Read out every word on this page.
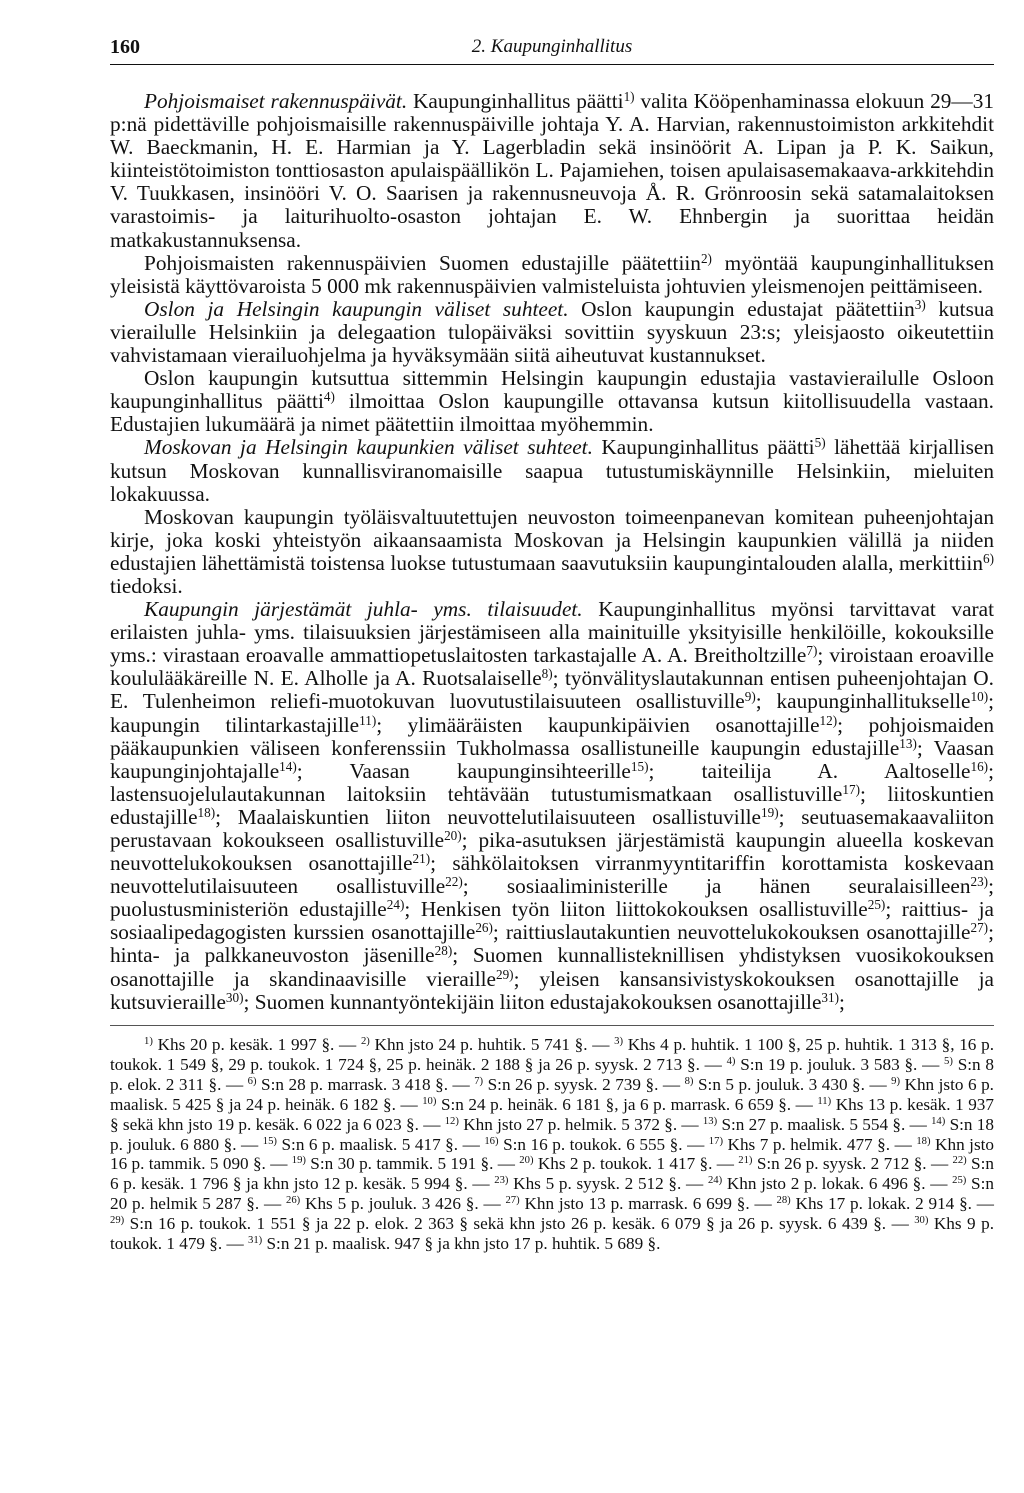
160	2. Kaupunginhallitus

Pohjoismaiset rakennuspäivät. Kaupunginhallitus päätti$^{1)}$ valita Kööpenhaminassa elokuun 29—31 p:nä pidettäville pohjoismaisille rakennuspäiville johtaja Y. A. Harvian, rakennustoimiston arkkitehdit W. Baeckmanin, H. E. Harmian ja Y. Lagerbladin sekä insinöörit A. Lipan ja P. K. Saikun, kiinteistötoimiston tonttiosaston apulaispäällikön L. Pajamiehen, toisen apulaisasemakaava-arkkitehdin V. Tuukkasen, insinööri V. O. Saarisen ja rakennusneuvoja Å. R. Grönroosin sekä satamalaitoksen varastoimis- ja laiturihuolto-osaston johtajan E. W. Ehnbergin ja suorittaa heidän matkakustannuksensa.

Pohjoismaisten rakennuspäivien Suomen edustajille päätettiin$^{2)}$ myöntää kaupunginhallituksen yleisistä käyttövaroista 5 000 mk rakennuspäivien valmisteluista johtuvien yleismenojen peittämiseen.

Oslon ja Helsingin kaupungin väliset suhteet. Oslon kaupungin edustajat päätettiin$^{3)}$ kutsua vierailulle Helsinkiin ja delegaation tulopäiväksi sovittiin syyskuun 23:s; yleisjaosto oikeutettiin vahvistamaan vierailuohjelma ja hyväksymään siitä aiheutuvat kustannukset.

Oslon kaupungin kutsuttua sittemmin Helsingin kaupungin edustajia vastavierailulle Osloon kaupunginhallitus päätti$^{4)}$ ilmoittaa Oslon kaupungille ottavansa kutsun kiitollisuudella vastaan. Edustajien lukumäärä ja nimet päätettiin ilmoittaa myöhemmin.

Moskovan ja Helsingin kaupunkien väliset suhteet. Kaupunginhallitus päätti$^{5)}$ lähettää kirjallisen kutsun Moskovan kunnallisviranomaisille saapua tutustumiskäynnille Helsinkiin, mieluiten lokakuussa.

Moskovan kaupungin työläisvaltuutettujen neuvoston toimeenpanevan komitean puheenjohtajan kirje, joka koski yhteistyön aikaansaamista Moskovan ja Helsingin kaupunkien välillä ja niiden edustajien lähettämistä toistensa luokse tutustumaan saavutuksiin kaupungintalouden alalla, merkittiin$^{6)}$ tiedoksi.

Kaupungin järjestämät juhla- yms. tilaisuudet. Kaupunginhallitus myönsi tarvittavat varat erilaisten juhla- yms. tilaisuuksien järjestämiseen alla mainituille yksityisille henkilöille, kokouksille yms.: virastaan eroavalle ammattiopetuslaitosten tarkastajalle A. A. Breitholtzille$^{7)}$; viroistaan eroaville koululääkäreille N. E. Alholle ja A. Ruotsalaiselle$^{8)}$; työnvälityslautakunnan entisen puheenjohtajan O. E. Tulenheimon reliefi-muotokuvan luovutustilaisuuteen osallistuville$^{9)}$; kaupunginhallitukselle$^{10)}$; kaupungin tilintarkastajille$^{11)}$; ylimääräisten kaupunkipäivien osanottajille$^{12)}$; pohjoismaiden pääkaupunkien väliseen konferenssiin Tukholmassa osallistuneille kaupungin edustajille$^{13)}$; Vaasan kaupunginjohtajalle$^{14)}$; Vaasan kaupunginsihteerille$^{15)}$; taiteilija A. Aaltoselle$^{16)}$; lastensuojelulautakunnan laitoksiin tehtävään tutustumismatkaan osallistuville$^{17)}$; liitoskuntien edustajille$^{18)}$; Maalaiskuntien liiton neuvottelutilaisuuteen osallistuville$^{19)}$; seutuasemakaavaliiton perustavaan kokoukseen osallistuville$^{20)}$; pika-asutuksen järjestämistä kaupungin alueella koskevan neuvottelukokouksen osanottajille$^{21)}$; sähkölaitoksen virranmyyntitariffin korottamista koskevaan neuvottelutilaisuuteen osallistuville$^{22)}$; sosiaaliministerille ja hänen seuralaisilleen$^{23)}$; puolustusministeriön edustajille$^{24)}$; Henkisen työn liiton liittokokouksen osallistuville$^{25)}$; raittius- ja sosiaalipedagogisten kurssien osanottajille$^{26)}$; raittiuslautakuntien neuvottelukokouksen osanottajille$^{27)}$; hinta- ja palkkaneuvoston jäsenille$^{28)}$; Suomen kunnallisteknillisen yhdistyksen vuosikokouksen osanottajille ja skandinaavisille vieraille$^{29)}$; yleisen kansansivistyskokouksen osanottajille ja kutsuvieraille$^{30)}$; Suomen kunnantyöntekijäin liiton edustajakokouksen osanottajille$^{31)}$;

$^{1)}$ Khs 20 p. kesäk. 1 997 §. — $^{2)}$ Khn jsto 24 p. huhtik. 5 741 §. — $^{3)}$ Khs 4 p. huhtik. 1 100 §, 25 p. huhtik. 1 313 §, 16 p. toukok. 1 549 §, 29 p. toukok. 1 724 §, 25 p. heinäk. 2 188 § ja 26 p. syysk. 2 713 §. — $^{4)}$ S:n 19 p. jouluk. 3 583 §. — $^{5)}$ S:n 8 p. elok. 2 311 §. — $^{6)}$ S:n 28 p. marrask. 3 418 §. — $^{7)}$ S:n 26 p. syysk. 2 739 §. — $^{8)}$ S:n 5 p. jouluk. 3 430 §. — $^{9)}$ Khn jsto 6 p. maalisk. 5 425 § ja 24 p. heinäk. 6 182 §. — $^{10)}$ S:n 24 p. heinäk. 6 181 §, ja 6 p. marrask. 6 659 §. — $^{11)}$ Khs 13 p. kesäk. 1 937 § sekä khn jsto 19 p. kesäk. 6 022 ja 6 023 §. — $^{12)}$ Khn jsto 27 p. helmik. 5 372 §. — $^{13)}$ S:n 27 p. maalisk. 5 554 §. — $^{14)}$ S:n 18 p. jouluk. 6 880 §. — $^{15)}$ S:n 6 p. maalisk. 5 417 §. — $^{16)}$ S:n 16 p. toukok. 6 555 §. — $^{17)}$ Khs 7 p. helmik. 477 §. — $^{18)}$ Khn jsto 16 p. tammik. 5 090 §. — $^{19)}$ S:n 30 p. tammik. 5 191 §. — $^{20)}$ Khs 2 p. toukok. 1 417 §. — $^{21)}$ S:n 26 p. syysk. 2 712 §. — $^{22)}$ S:n 6 p. kesäk. 1 796 § ja khn jsto 12 p. kesäk. 5 994 §. — $^{23)}$ Khs 5 p. syysk. 2 512 §. — $^{24)}$ Khn jsto 2 p. lokak. 6 496 §. — $^{25)}$ S:n 20 p. helmik 5 287 §. — $^{26)}$ Khs 5 p. jouluk. 3 426 §. — $^{27)}$ Khn jsto 13 p. marrask. 6 699 §. — $^{28)}$ Khs 17 p. lokak. 2 914 §. — $^{29)}$ S:n 16 p. toukok. 1 551 § ja 22 p. elok. 2 363 § sekä khn jsto 26 p. kesäk. 6 079 § ja 26 p. syysk. 6 439 §. — $^{30)}$ Khs 9 p. toukok. 1 479 §. — $^{31)}$ S:n 21 p. maalisk. 947 § ja khn jsto 17 p. huhtik. 5 689 §.
